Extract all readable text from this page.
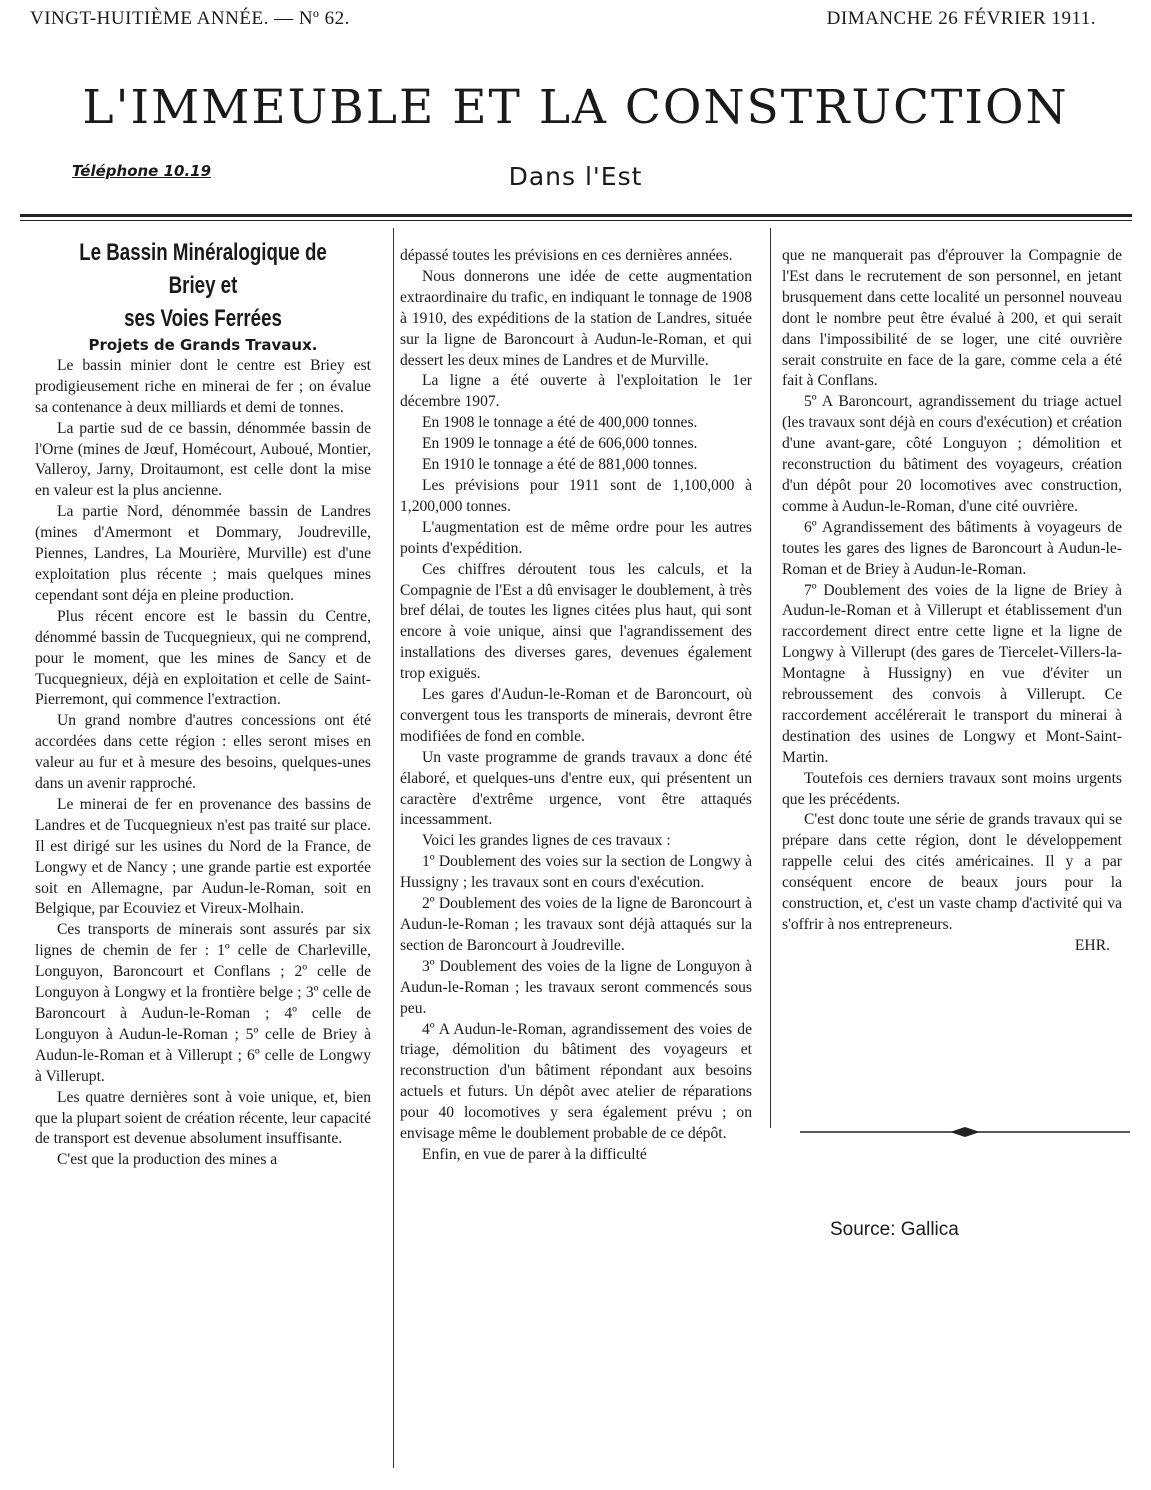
VINGT-HUITIÈME ANNÉE. — Nº 62.	DIMANCHE 26 FÉVRIER 1911.
L'IMMEUBLE ET LA CONSTRUCTION
Téléphone 10.19	Dans l'Est

Le Bassin Minéralogique de Briey et
ses Voies Ferrées

Projets de Grands Travaux.

Le bassin minier dont le centre est Briey est prodigieusement riche en minerai de fer ; on évalue sa contenance à deux milliards et demi de tonnes.

La partie sud de ce bassin, dénommée bassin de l'Orne (mines de Jœuf, Homécourt, Auboué, Montier, Valleroy, Jarny, Droitaumont, est celle dont la mise en valeur est la plus ancienne.

La partie Nord, dénommée bassin de Landres (mines d'Amermont et Dommary, Joudreville, Piennes, Landres, La Mourière, Murville) est d'une exploitation plus récente ; mais quelques mines cependant sont déja en pleine production.

Plus récent encore est le bassin du Centre, dénommé bassin de Tucquegnieux, qui ne comprend, pour le moment, que les mines de Sancy et de Tucquegnieux, déjà en exploitation et celle de Saint-Pierremont, qui commence l'extraction.

Un grand nombre d'autres concessions ont été accordées dans cette région : elles seront mises en valeur au fur et à mesure des besoins, quelques-unes dans un avenir rapproché.

Le minerai de fer en provenance des bassins de Landres et de Tucquegnieux n'est pas traité sur place. Il est dirigé sur les usines du Nord de la France, de Longwy et de Nancy ; une grande partie est exportée soit en Allemagne, par Audun-le-Roman, soit en Belgique, par Ecouviez et Vireux-Molhain.

Ces transports de minerais sont assurés par six lignes de chemin de fer : 1º celle de Charleville, Longuyon, Baroncourt et Conflans ; 2º celle de Longuyon à Longwy et la frontière belge ; 3º celle de Baroncourt à Audun-le-Roman ; 4º celle de Longuyon à Audun-le-Roman ; 5º celle de Briey à Audun-le-Roman et à Villerupt ; 6º celle de Longwy à Villerupt.

Les quatre dernières sont à voie unique, et, bien que la plupart soient de création récente, leur capacité de transport est devenue absolument insuffisante.

C'est que la production des mines a

dépassé toutes les prévisions en ces dernières années.

Nous donnerons une idée de cette augmentation extraordinaire du trafic, en indiquant le tonnage de 1908 à 1910, des expéditions de la station de Landres, située sur la ligne de Baroncourt à Audun-le-Roman, et qui dessert les deux mines de Landres et de Murville.

La ligne a été ouverte à l'exploitation le 1er décembre 1907.

En 1908 le tonnage a été de 400,000 tonnes.

En 1909 le tonnage a été de 606,000 tonnes.

En 1910 le tonnage a été de 881,000 tonnes.

Les prévisions pour 1911 sont de 1,100,000 à 1,200,000 tonnes.

L'augmentation est de même ordre pour les autres points d'expédition.

Ces chiffres déroutent tous les calculs, et la Compagnie de l'Est a dû envisager le doublement, à très bref délai, de toutes les lignes citées plus haut, qui sont encore à voie unique, ainsi que l'agrandissement des installations des diverses gares, devenues également trop exiguës.

Les gares d'Audun-le-Roman et de Baroncourt, où convergent tous les transports de minerais, devront être modifiées de fond en comble.

Un vaste programme de grands travaux a donc été élaboré, et quelques-uns d'entre eux, qui présentent un caractère d'extrême urgence, vont être attaqués incessamment.

Voici les grandes lignes de ces travaux :

1º Doublement des voies sur la section de Longwy à Hussigny ; les travaux sont en cours d'exécution.

2º Doublement des voies de la ligne de Baroncourt à Audun-le-Roman ; les travaux sont déjà attaqués sur la section de Baroncourt à Joudreville.

3º Doublement des voies de la ligne de Longuyon à Audun-le-Roman ; les travaux seront commencés sous peu.

4º A Audun-le-Roman, agrandissement des voies de triage, démolition du bâtiment des voyageurs et reconstruction d'un bâtiment répondant aux besoins actuels et futurs. Un dépôt avec atelier de réparations pour 40 locomotives y sera également prévu ; on envisage même le doublement probable de ce dépôt.

Enfin, en vue de parer à la difficulté

que ne manquerait pas d'éprouver la Compagnie de l'Est dans le recrutement de son personnel, en jetant brusquement dans cette localité un personnel nouveau dont le nombre peut être évalué à 200, et qui serait dans l'impossibilité de se loger, une cité ouvrière serait construite en face de la gare, comme cela a été fait à Conflans.

5º A Baroncourt, agrandissement du triage actuel (les travaux sont déjà en cours d'exécution) et création d'une avant-gare, côté Longuyon ; démolition et reconstruction du bâtiment des voyageurs, création d'un dépôt pour 20 locomotives avec construction, comme à Audun-le-Roman, d'une cité ouvrière.

6º Agrandissement des bâtiments à voyageurs de toutes les gares des lignes de Baroncourt à Audun-le-Roman et de Briey à Audun-le-Roman.

7º Doublement des voies de la ligne de Briey à Audun-le-Roman et à Villerupt et établissement d'un raccordement direct entre cette ligne et la ligne de Longwy à Villerupt (des gares de Tiercelet-Villers-la-Montagne à Hussigny) en vue d'éviter un rebroussement des convois à Villerupt. Ce raccordement accélérerait le transport du minerai à destination des usines de Longwy et Mont-Saint-Martin.

Toutefois ces derniers travaux sont moins urgents que les précédents.

C'est donc toute une série de grands travaux qui se prépare dans cette région, dont le développement rappelle celui des cités américaines. Il y a par conséquent encore de beaux jours pour la construction, et, c'est un vaste champ d'activité qui va s'offrir à nos entrepreneurs.

EHR.

Source: Gallica
